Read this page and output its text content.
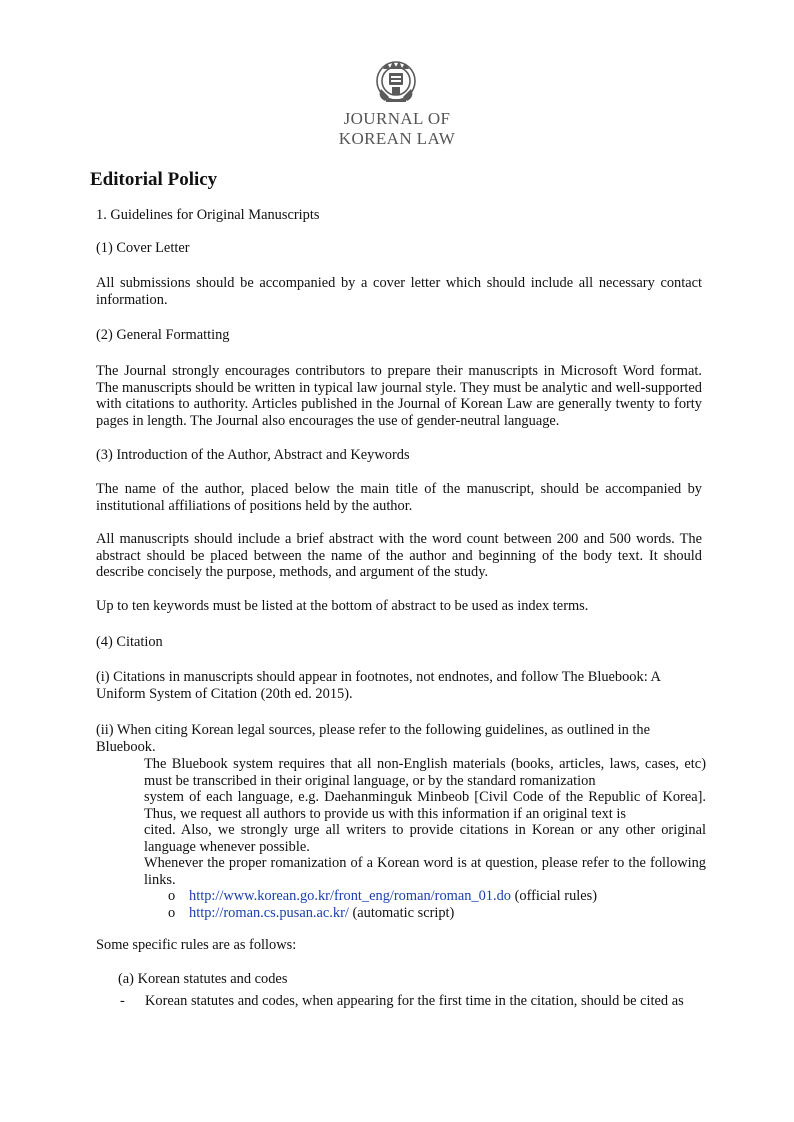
JOURNAL OF
KOREAN LAW
Editorial Policy

1. Guidelines for Original Manuscripts

(1) Cover Letter

All submissions should be accompanied by a cover letter which should include all necessary contact information.

(2) General Formatting

The Journal strongly encourages contributors to prepare their manuscripts in Microsoft Word format. The manuscripts should be written in typical law journal style. They must be analytic and well-supported with citations to authority. Articles published in the Journal of Korean Law are generally twenty to forty pages in length. The Journal also encourages the use of gender-neutral language.

(3) Introduction of the Author, Abstract and Keywords

The name of the author, placed below the main title of the manuscript, should be accompanied by institutional affiliations of positions held by the author.

All manuscripts should include a brief abstract with the word count between 200 and 500 words. The abstract should be placed between the name of the author and beginning of the body text. It should describe concisely the purpose, methods, and argument of the study.

Up to ten keywords must be listed at the bottom of abstract to be used as index terms.

(4) Citation

(i) Citations in manuscripts should appear in footnotes, not endnotes, and follow The Bluebook: A Uniform System of Citation (20th ed. 2015).

(ii) When citing Korean legal sources, please refer to the following guidelines, as outlined in the Bluebook.

The Bluebook system requires that all non-English materials (books, articles, laws, cases, etc) must be transcribed in their original language, or by the standard romanization

system of each language, e.g. Daehanminguk Minbeob [Civil Code of the Republic of Korea]. Thus, we request all authors to provide us with this information if an original text is

cited. Also, we strongly urge all writers to provide citations in Korean or any other original language whenever possible.

Whenever the proper romanization of a Korean word is at question, please refer to the following links.

o http://www.korean.go.kr/front_eng/roman/roman_01.do (official rules)
o http://roman.cs.pusan.ac.kr/ (automatic script)

Some specific rules are as follows:

(a) Korean statutes and codes

- Korean statutes and codes, when appearing for the first time in the citation, should be cited as
